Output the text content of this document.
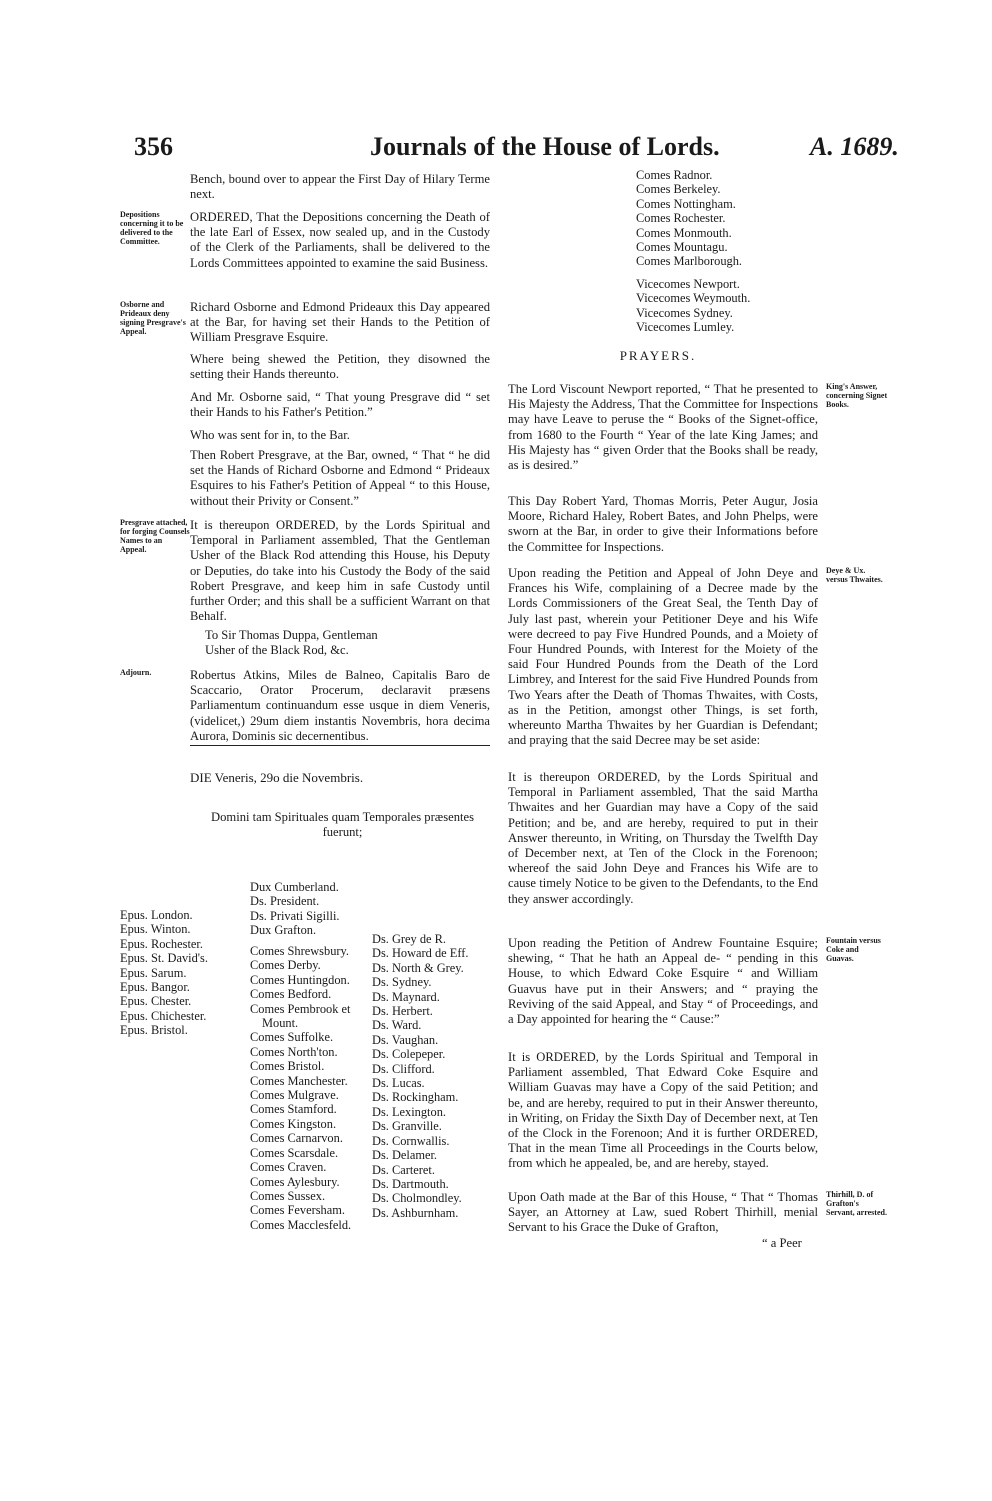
356	Journals of the House of Lords.	A. 1689.

Bench, bound over to appear the First Day of Hilary Terme next.

Depositions concerning it to be delivered to the Committee.

ORDERED, That the Depositions concerning the Death of the late Earl of Essex, now sealed up, and in the Custody of the Clerk of the Parliaments, shall be delivered to the Lords Committees appointed to examine the said Business.

Osborne and Prideaux deny signing Presgrave's Appeal.

Richard Osborne and Edmond Prideaux this Day appeared at the Bar, for having set their Hands to the Petition of William Presgrave Esquire.

Where being shewed the Petition, they disowned the setting their Hands thereunto.

And Mr. Osborne said, “ That young Presgrave did “ set their Hands to his Father's Petition.”

Who was sent for in, to the Bar.

Then Robert Presgrave, at the Bar, owned, “ That “ he did set the Hands of Richard Osborne and Edmond “ Prideaux Esquires to his Father's Petition of Appeal “ to this House, without their Privity or Consent.”

Presgrave attached, for forging Counsels Names to an Appeal.

It is thereupon ORDERED, by the Lords Spiritual and Temporal in Parliament assembled, That the Gentleman Usher of the Black Rod attending this House, his Deputy or Deputies, do take into his Custody the Body of the said Robert Presgrave, and keep him in safe Custody until further Order; and this shall be a sufficient Warrant on that Behalf.

To Sir Thomas Duppa, Gentleman Usher of the Black Rod, &c.

Adjourn.	Robertus Atkins, Miles de Balneo, Capitalis Baro de Scaccario, Orator Procerum, declaravit præsens Parliamentum continuandum esse usque in diem Veneris, (videlicet,) 29um diem instantis Novembris, hora decima Aurora, Dominis sic decernentibus.

DIE Veneris, 29o die Novembris.
Domini tam Spirituales quam Temporales præsentes fuerunt;
Epus. London.
Epus. Winton.
Epus. Rochester.
Epus. St. David's.
Epus. Sarum.
Epus. Bangor.
Epus. Chester.
Epus. Chichester.
Epus. Bristol.
Dux Cumberland.
Ds. President.
Ds. Privati Sigilli.
Dux Grafton.
Comes Shrewsbury.
Comes Derby.
Comes Huntingdon.
Comes Bedford.
Comes Pembrook et
Mount.
Comes Suffolke.
Comes North'ton.
Comes Bristol.
Comes Manchester.
Comes Mulgrave.
Comes Stamford.
Comes Kingston.
Comes Carnarvon.
Comes Scarsdale.
Comes Craven.
Comes Aylesbury.
Comes Sussex.
Comes Feversham.
Comes Macclesfeld.
Ds. Grey de R.
Ds. Howard de Eff.
Ds. North & Grey.
Ds. Sydney.
Ds. Maynard.
Ds. Herbert.
Ds. Ward.
Ds. Vaughan.
Ds. Colepeper.
Ds. Clifford.
Ds. Lucas.
Ds. Rockingham.
Ds. Lexington.
Ds. Granville.
Ds. Cornwallis.
Ds. Delamer.
Ds. Carteret.
Ds. Dartmouth.
Ds. Cholmondley.
Ds. Ashburnham.
Comes Radnor.
Comes Berkeley.
Comes Nottingham.
Comes Rochester.
Comes Monmouth.
Comes Mountagu.
Comes Marlborough.
Vicecomes Newport.
Vicecomes Weymouth.
Vicecomes Sydney.
Vicecomes Lumley.
PRAYERS.

The Lord Viscount Newport reported, “ That he presented to His Majesty the Address, That the Committee for Inspections may have Leave to peruse the “ Books of the Signet-office, from 1680 to the Fourth “ Year of the late King James; and His Majesty has “ given Order that the Books shall be ready, as is desired.”

King's Answer, concerning Signet Books.

This Day Robert Yard, Thomas Morris, Peter Augur, Josia Moore, Richard Haley, Robert Bates, and John Phelps, were sworn at the Bar, in order to give their Informations before the Committee for Inspections.

Upon reading the Petition and Appeal of John Deye and Frances his Wife, complaining of a Decree made by the Lords Commissioners of the Great Seal, the Tenth Day of July last past, wherein your Petitioner Deye and his Wife were decreed to pay Five Hundred Pounds, and a Moiety of Four Hundred Pounds, with Interest for the Moiety of the said Four Hundred Pounds from the Death of the Lord Limbrey, and Interest for the said Five Hundred Pounds from Two Years after the Death of Thomas Thwaites, with Costs, as in the Petition, amongst other Things, is set forth, whereunto Martha Thwaites by her Guardian is Defendant; and praying that the said Decree may be set aside:

Deye & Ux. versus Thwaites.

It is thereupon ORDERED, by the Lords Spiritual and Temporal in Parliament assembled, That the said Martha Thwaites and her Guardian may have a Copy of the said Petition; and be, and are hereby, required to put in their Answer thereunto, in Writing, on Thursday the Twelfth Day of December next, at Ten of the Clock in the Forenoon; whereof the said John Deye and Frances his Wife are to cause timely Notice to be given to the Defendants, to the End they answer accordingly.

Upon reading the Petition of Andrew Fountaine Esquire; shewing, “ That he hath an Appeal de- “ pending in this House, to which Edward Coke Esquire “ and William Guavus have put in their Answers; and “ praying the Reviving of the said Appeal, and Stay “ of Proceedings, and a Day appointed for hearing the “ Cause:”

Fountain versus Coke and Guavas.

It is ORDERED, by the Lords Spiritual and Temporal in Parliament assembled, That Edward Coke Esquire and William Guavas may have a Copy of the said Petition; and be, and are hereby, required to put in their Answer thereunto, in Writing, on Friday the Sixth Day of December next, at Ten of the Clock in the Forenoon; And it is further ORDERED, That in the mean Time all Proceedings in the Courts below, from which he appealed, be, and are hereby, stayed.

Upon Oath made at the Bar of this House, “ That “ Thomas Sayer, an Attorney at Law, sued Robert Thirhill, menial Servant to his Grace the Duke of Grafton,

Thirhill, D. of Grafton's Servant, arrested.
“ a Peer
